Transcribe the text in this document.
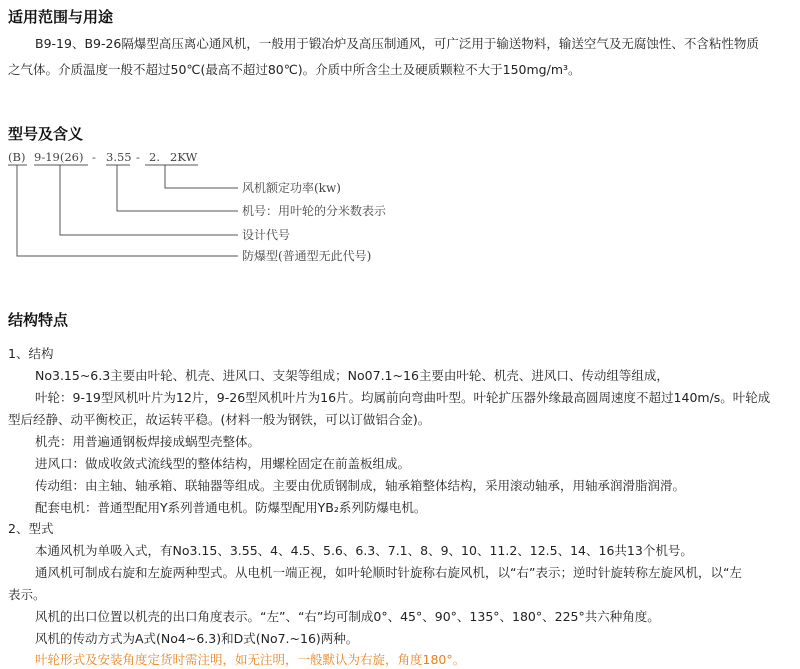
适用范围与用途
B9-19、B9-26隔爆型高压离心通风机，一般用于锻冶炉及高压制通风，可广泛用于输送物料，输送空气及无腐蚀性、不含粘性物质
之气体。介质温度一般不超过50℃(最高不超过80℃)。介质中所含尘土及硬质颗粒不大于150mg/m³。
型号及含义
(B) 9-19(26) - 3.55 - 2. 2KW
风机额定功率(kw)
机号：用叶轮的分米数表示
设计代号
防爆型(普通型无此代号)
结构特点
1、结构
No3.15~6.3主要由叶轮、机壳、进风口、支架等组成；No07.1~16主要由叶轮、机壳、进风口、传动组等组成，
叶轮：9-19型风机叶片为12片，9-26型风机叶片为16片。均属前向弯曲叶型。叶轮扩压器外缘最高圆周速度不超过140m/s。叶轮成
型后经静、动平衡校正，故运转平稳。(材料一般为钢铁，可以订做铝合金)。
机壳：用普遍通钢板焊接成蜗型壳整体。
进风口：做成收敛式流线型的整体结构，用螺栓固定在前盖板组成。
传动组：由主轴、轴承箱、联轴器等组成。主要由优质钢制成，轴承箱整体结构，采用滚动轴承，用轴承润滑脂润滑。
配套电机：普通型配用Y系列普通电机。防爆型配用YB₂系列防爆电机。
2、型式
本通风机为单吸入式，有No3.15、3.55、4、4.5、5.6、6.3、7.1、8、9、10、11.2、12.5、14、16共13个机号。
通风机可制成右旋和左旋两种型式。从电机一端正视，如叶轮顺时针旋称右旋风机，以“右”表示；逆时针旋转称左旋风机，以“左
表示。
风机的出口位置以机壳的出口角度表示。“左”、“右”均可制成0°、45°、90°、135°、180°、225°共六种角度。
风机的传动方式为A式(No4~6.3)和D式(No7.~16)两种。
叶轮形式及安装角度定货时需注明，如无注明，一般默认为右旋，角度180°。
